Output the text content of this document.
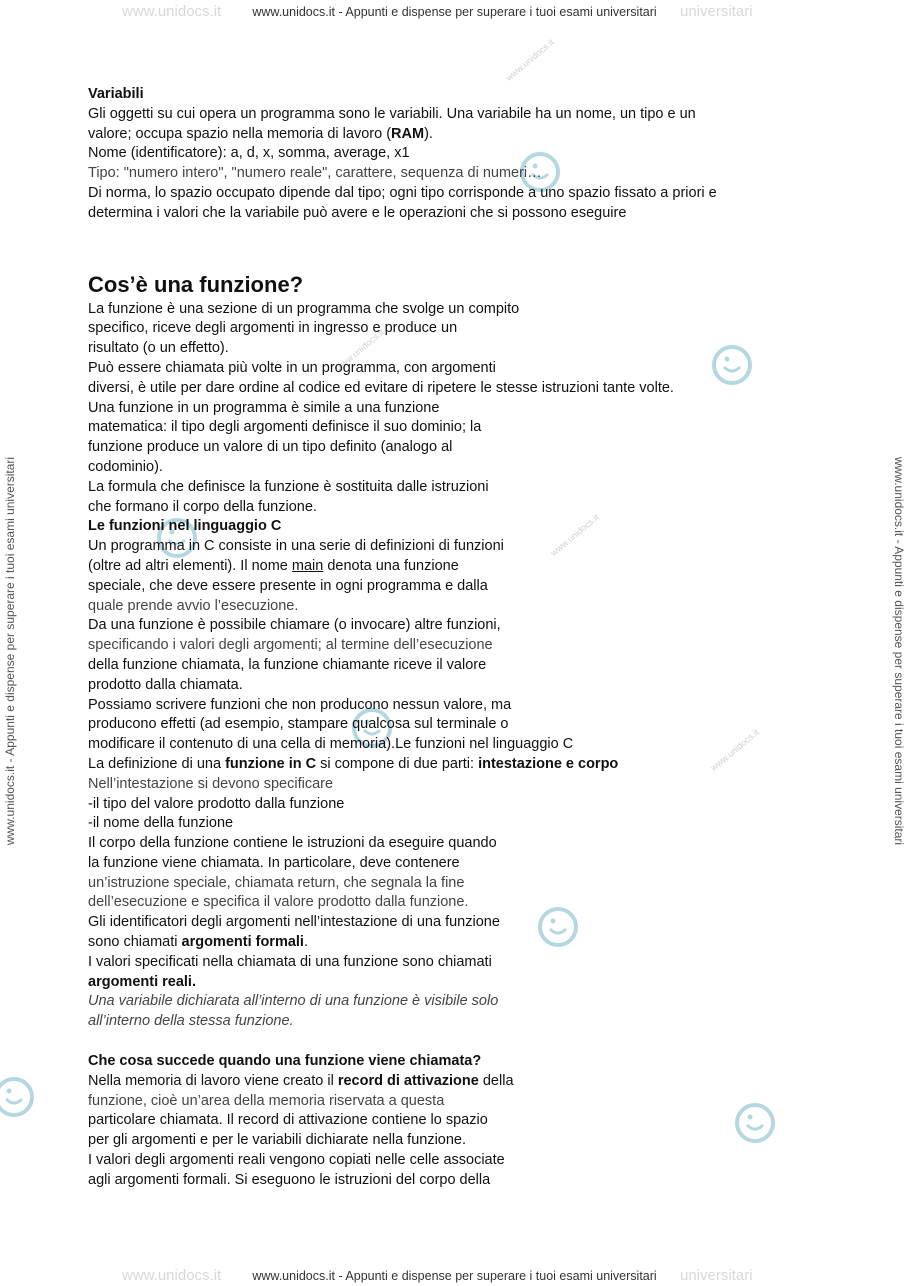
www.unidocs.it www.unidocs.it - Appunti e dispense per superare i tuoi esami universitari universitari
www.unidocs.it www.unidocs.it - Appunti e dispense per superare i tuoi esami universitari universitari
www.unidocs.it - Appunti e dispense per superare i tuoi esami universitari	www.unidocs.it - Appunti e dispense per superare i tuoi esami universitari
www.unidocs.it
www.unidocs.it
www.unidocs.it
www.unidocs.it
Variabili
Gli oggetti su cui opera un programma sono le variabili. Una variabile ha un nome, un tipo e un
valore; occupa spazio nella memoria di lavoro (RAM).
Nome (identificatore): a, d, x, somma, average, x1
Tipo: "numero intero", "numero reale", carattere, sequenza di numeri…
Di norma, lo spazio occupato dipende dal tipo; ogni tipo corrisponde a uno spazio fissato a priori e
determina i valori che la variabile può avere e le operazioni che si possono eseguire
Cos’è una funzione?
La funzione è una sezione di un programma che svolge un compito
specifico, riceve degli argomenti in ingresso e produce un
risultato (o un effetto).
Può essere chiamata più volte in un programma, con argomenti
diversi, è utile per dare ordine al codice ed evitare di ripetere le stesse istruzioni tante volte.
Una funzione in un programma è simile a una funzione
matematica: il tipo degli argomenti definisce il suo dominio; la
funzione produce un valore di un tipo definito (analogo al
codominio).
La formula che definisce la funzione è sostituita dalle istruzioni
che formano il corpo della funzione.
Le funzioni nel linguaggio C
Un programma in C consiste in una serie di definizioni di funzioni
(oltre ad altri elementi). Il nome main denota una funzione
speciale, che deve essere presente in ogni programma e dalla
quale prende avvio l’esecuzione.
Da una funzione è possibile chiamare (o invocare) altre funzioni,
specificando i valori degli argomenti; al termine dell’esecuzione
della funzione chiamata, la funzione chiamante riceve il valore
prodotto dalla chiamata.
Possiamo scrivere funzioni che non producono nessun valore, ma
producono effetti (ad esempio, stampare qualcosa sul terminale o
modificare il contenuto di una cella di memoria).Le funzioni nel linguaggio C
La definizione di una funzione in C si compone di due parti: intestazione e corpo
Nell’intestazione si devono specificare
-il tipo del valore prodotto dalla funzione
-il nome della funzione
Il corpo della funzione contiene le istruzioni da eseguire quando
la funzione viene chiamata. In particolare, deve contenere
un’istruzione speciale, chiamata return, che segnala la fine
dell’esecuzione e specifica il valore prodotto dalla funzione.
Gli identificatori degli argomenti nell’intestazione di una funzione
sono chiamati argomenti formali.
I valori specificati nella chiamata di una funzione sono chiamati
argomenti reali.
Una variabile dichiarata all’interno di una funzione è visibile solo
all’interno della stessa funzione.
Che cosa succede quando una funzione viene chiamata?
Nella memoria di lavoro viene creato il record di attivazione della
funzione, cioè un’area della memoria riservata a questa
particolare chiamata. Il record di attivazione contiene lo spazio
per gli argomenti e per le variabili dichiarate nella funzione.
I valori degli argomenti reali vengono copiati nelle celle associate
agli argomenti formali. Si eseguono le istruzioni del corpo della
